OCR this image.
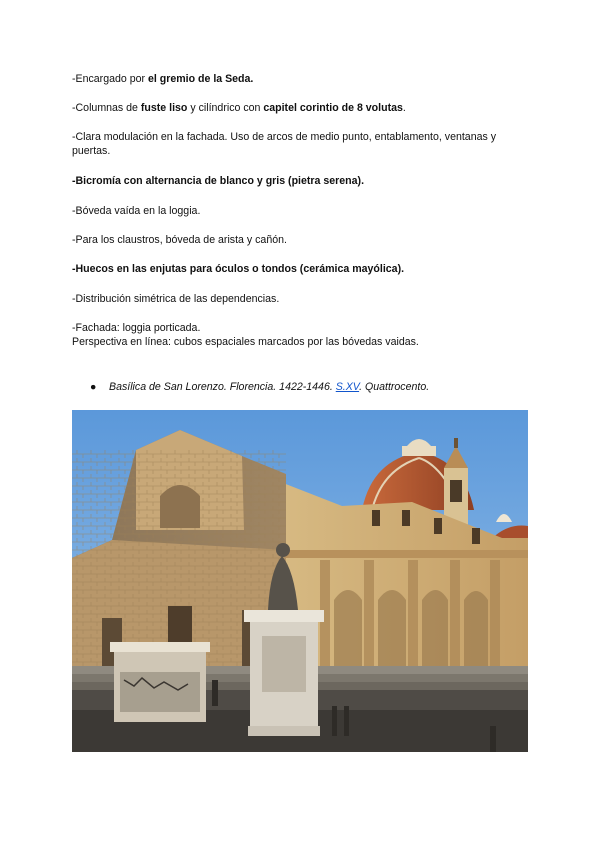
-Encargado por el gremio de la Seda.

-Columnas de fuste liso y cilíndrico con capitel corintio de 8 volutas.

-Clara modulación en la fachada. Uso de arcos de medio punto, entablamento, ventanas y puertas.

-Bicromía con alternancia de blanco y gris (pietra serena).

-Bóveda vaída en la loggia.

-Para los claustros, bóveda de arista y cañón.

-Huecos en las enjutas para óculos o tondos (cerámica mayólica).

-Distribución simétrica de las dependencias.

-Fachada: loggia porticada.

Perspectiva en línea: cubos espaciales marcados por las bóvedas vaidas.

● Basílica de San Lorenzo. Florencia. 1422-1446. S.XV. Quattrocento.
